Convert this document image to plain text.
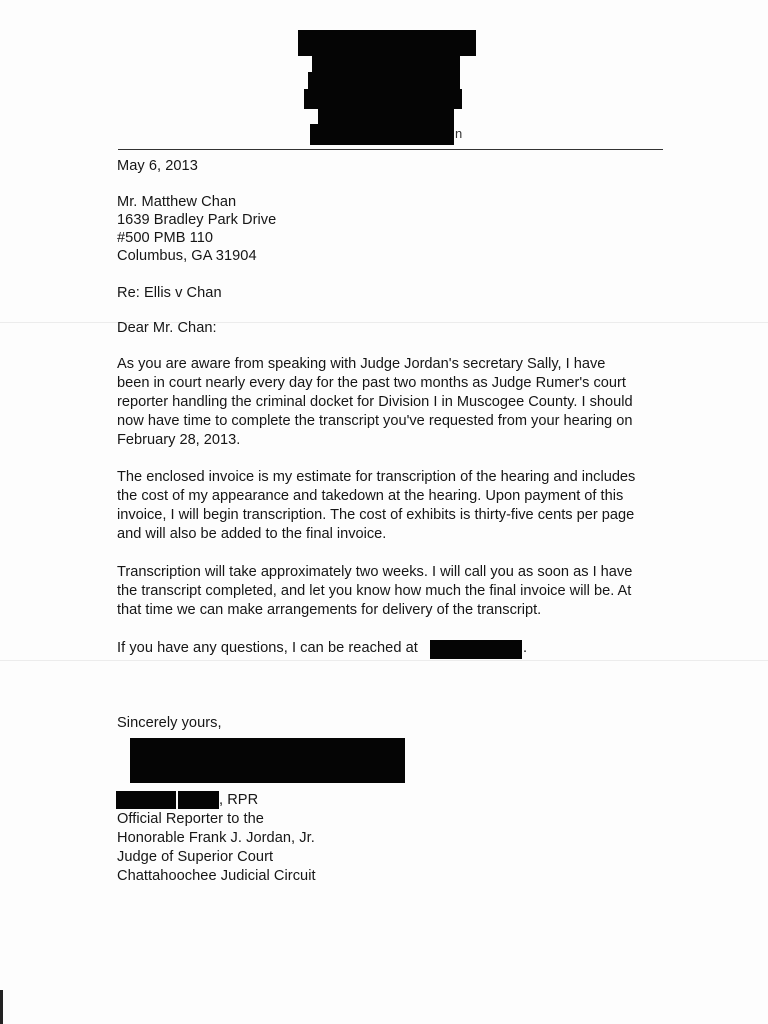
n
May 6, 2013
Mr. Matthew Chan
1639 Bradley Park Drive
#500 PMB 110
Columbus, GA 31904
Re: Ellis v Chan
Dear Mr. Chan:
As you are aware from speaking with Judge Jordan's secretary Sally, I have
been in court nearly every day for the past two months as Judge Rumer's court
reporter handling the criminal docket for Division I in Muscogee County. I should
now have time to complete the transcript you've requested from your hearing on
February 28, 2013.
The enclosed invoice is my estimate for transcription of the hearing and includes
the cost of my appearance and takedown at the hearing. Upon payment of this
invoice, I will begin transcription. The cost of exhibits is thirty-five cents per page
and will also be added to the final invoice.
Transcription will take approximately two weeks. I will call you as soon as I have
the transcript completed, and let you know how much the final invoice will be. At
that time we can make arrangements for delivery of the transcript.
If you have any questions, I can be reached at	.
Sincerely yours,
, RPR
Official Reporter to the
Honorable Frank J. Jordan, Jr.
Judge of Superior Court
Chattahoochee Judicial Circuit
